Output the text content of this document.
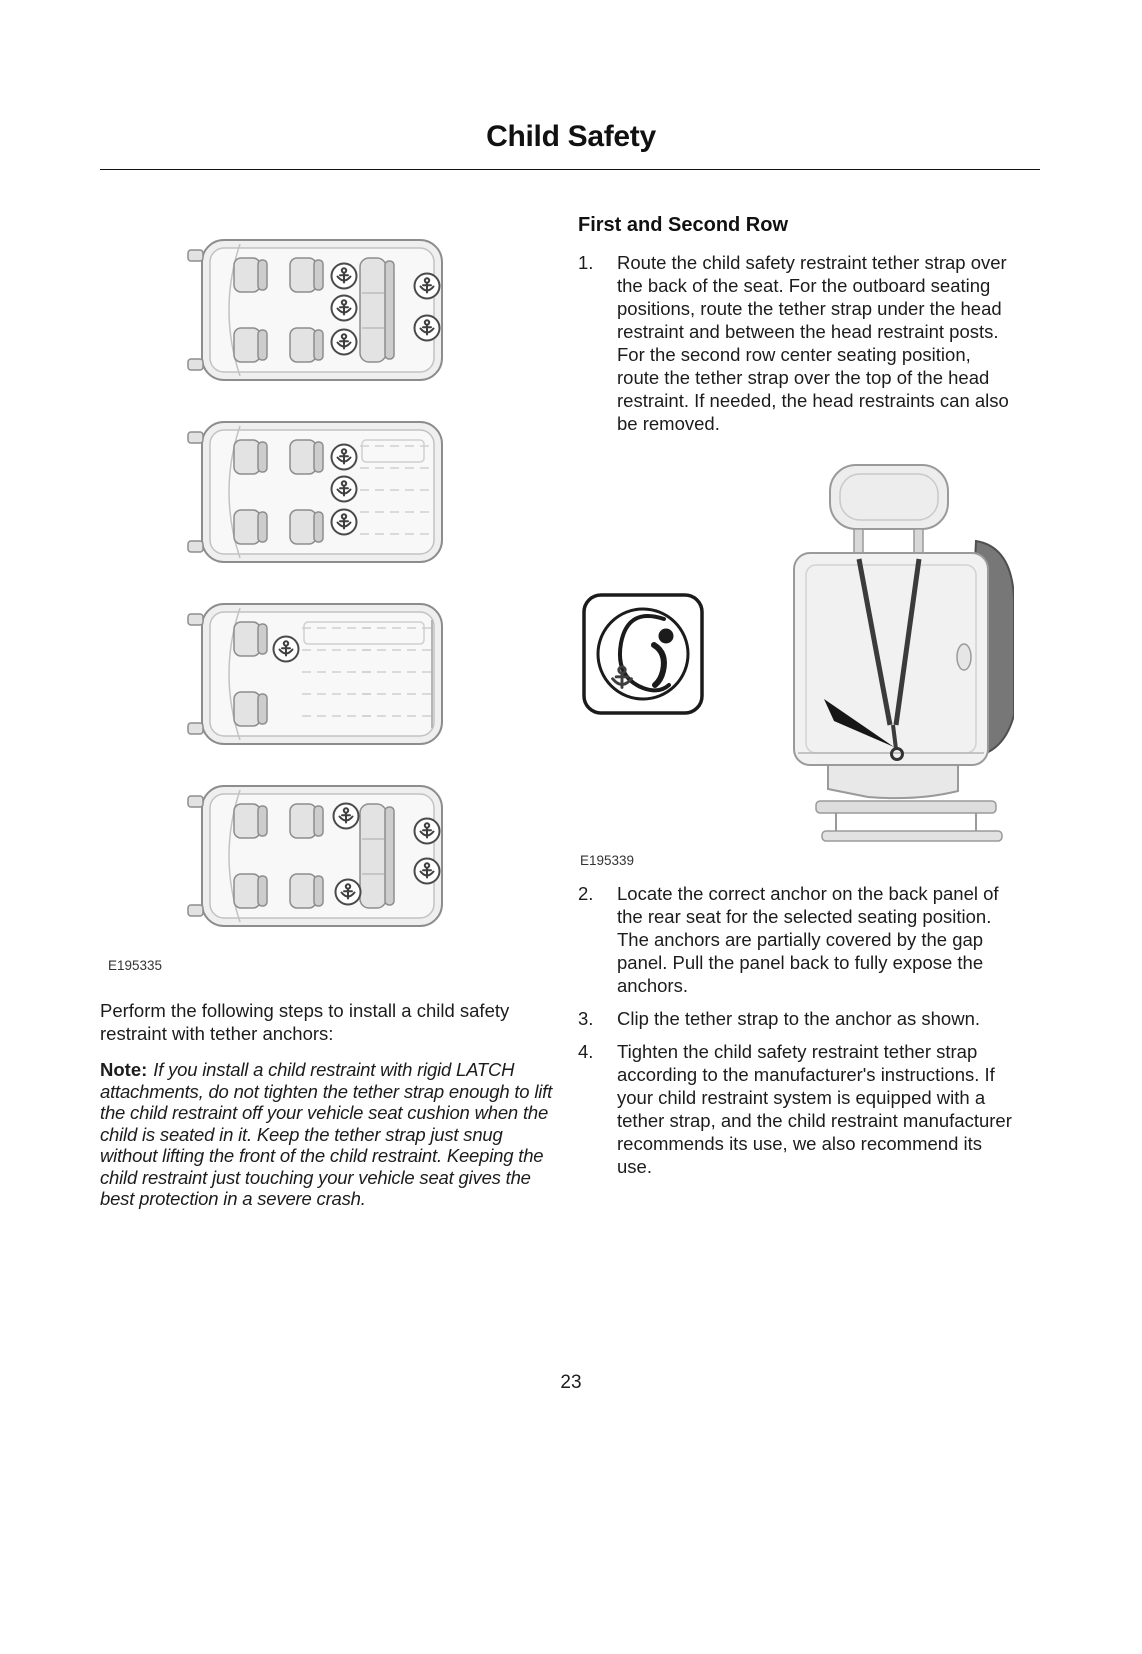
Child Safety
E195335

Perform the following steps to install a child safety restraint with tether anchors:

Note: If you install a child restraint with rigid LATCH attachments, do not tighten the tether strap enough to lift the child restraint off your vehicle seat cushion when the child is seated in it. Keep the tether strap just snug without lifting the front of the child restraint. Keeping the child restraint just touching your vehicle seat gives the best protection in a severe crash.

First and Second Row
1.	Route the child safety restraint tether strap over the back of the seat. For the outboard seating positions, route the tether strap under the head restraint and between the head restraint posts. For the second row center seating position, route the tether strap over the top of the head restraint. If needed, the head restraints can also be removed.
E195339
2.	Locate the correct anchor on the back panel of the rear seat for the selected seating position. The anchors are partially covered by the gap panel. Pull the panel back to fully expose the anchors.
3.	Clip the tether strap to the anchor as shown.
4.	Tighten the child safety restraint tether strap according to the manufacturer's instructions. If your child restraint system is equipped with a tether strap, and the child restraint manufacturer recommends its use, we also recommend its use.
23
